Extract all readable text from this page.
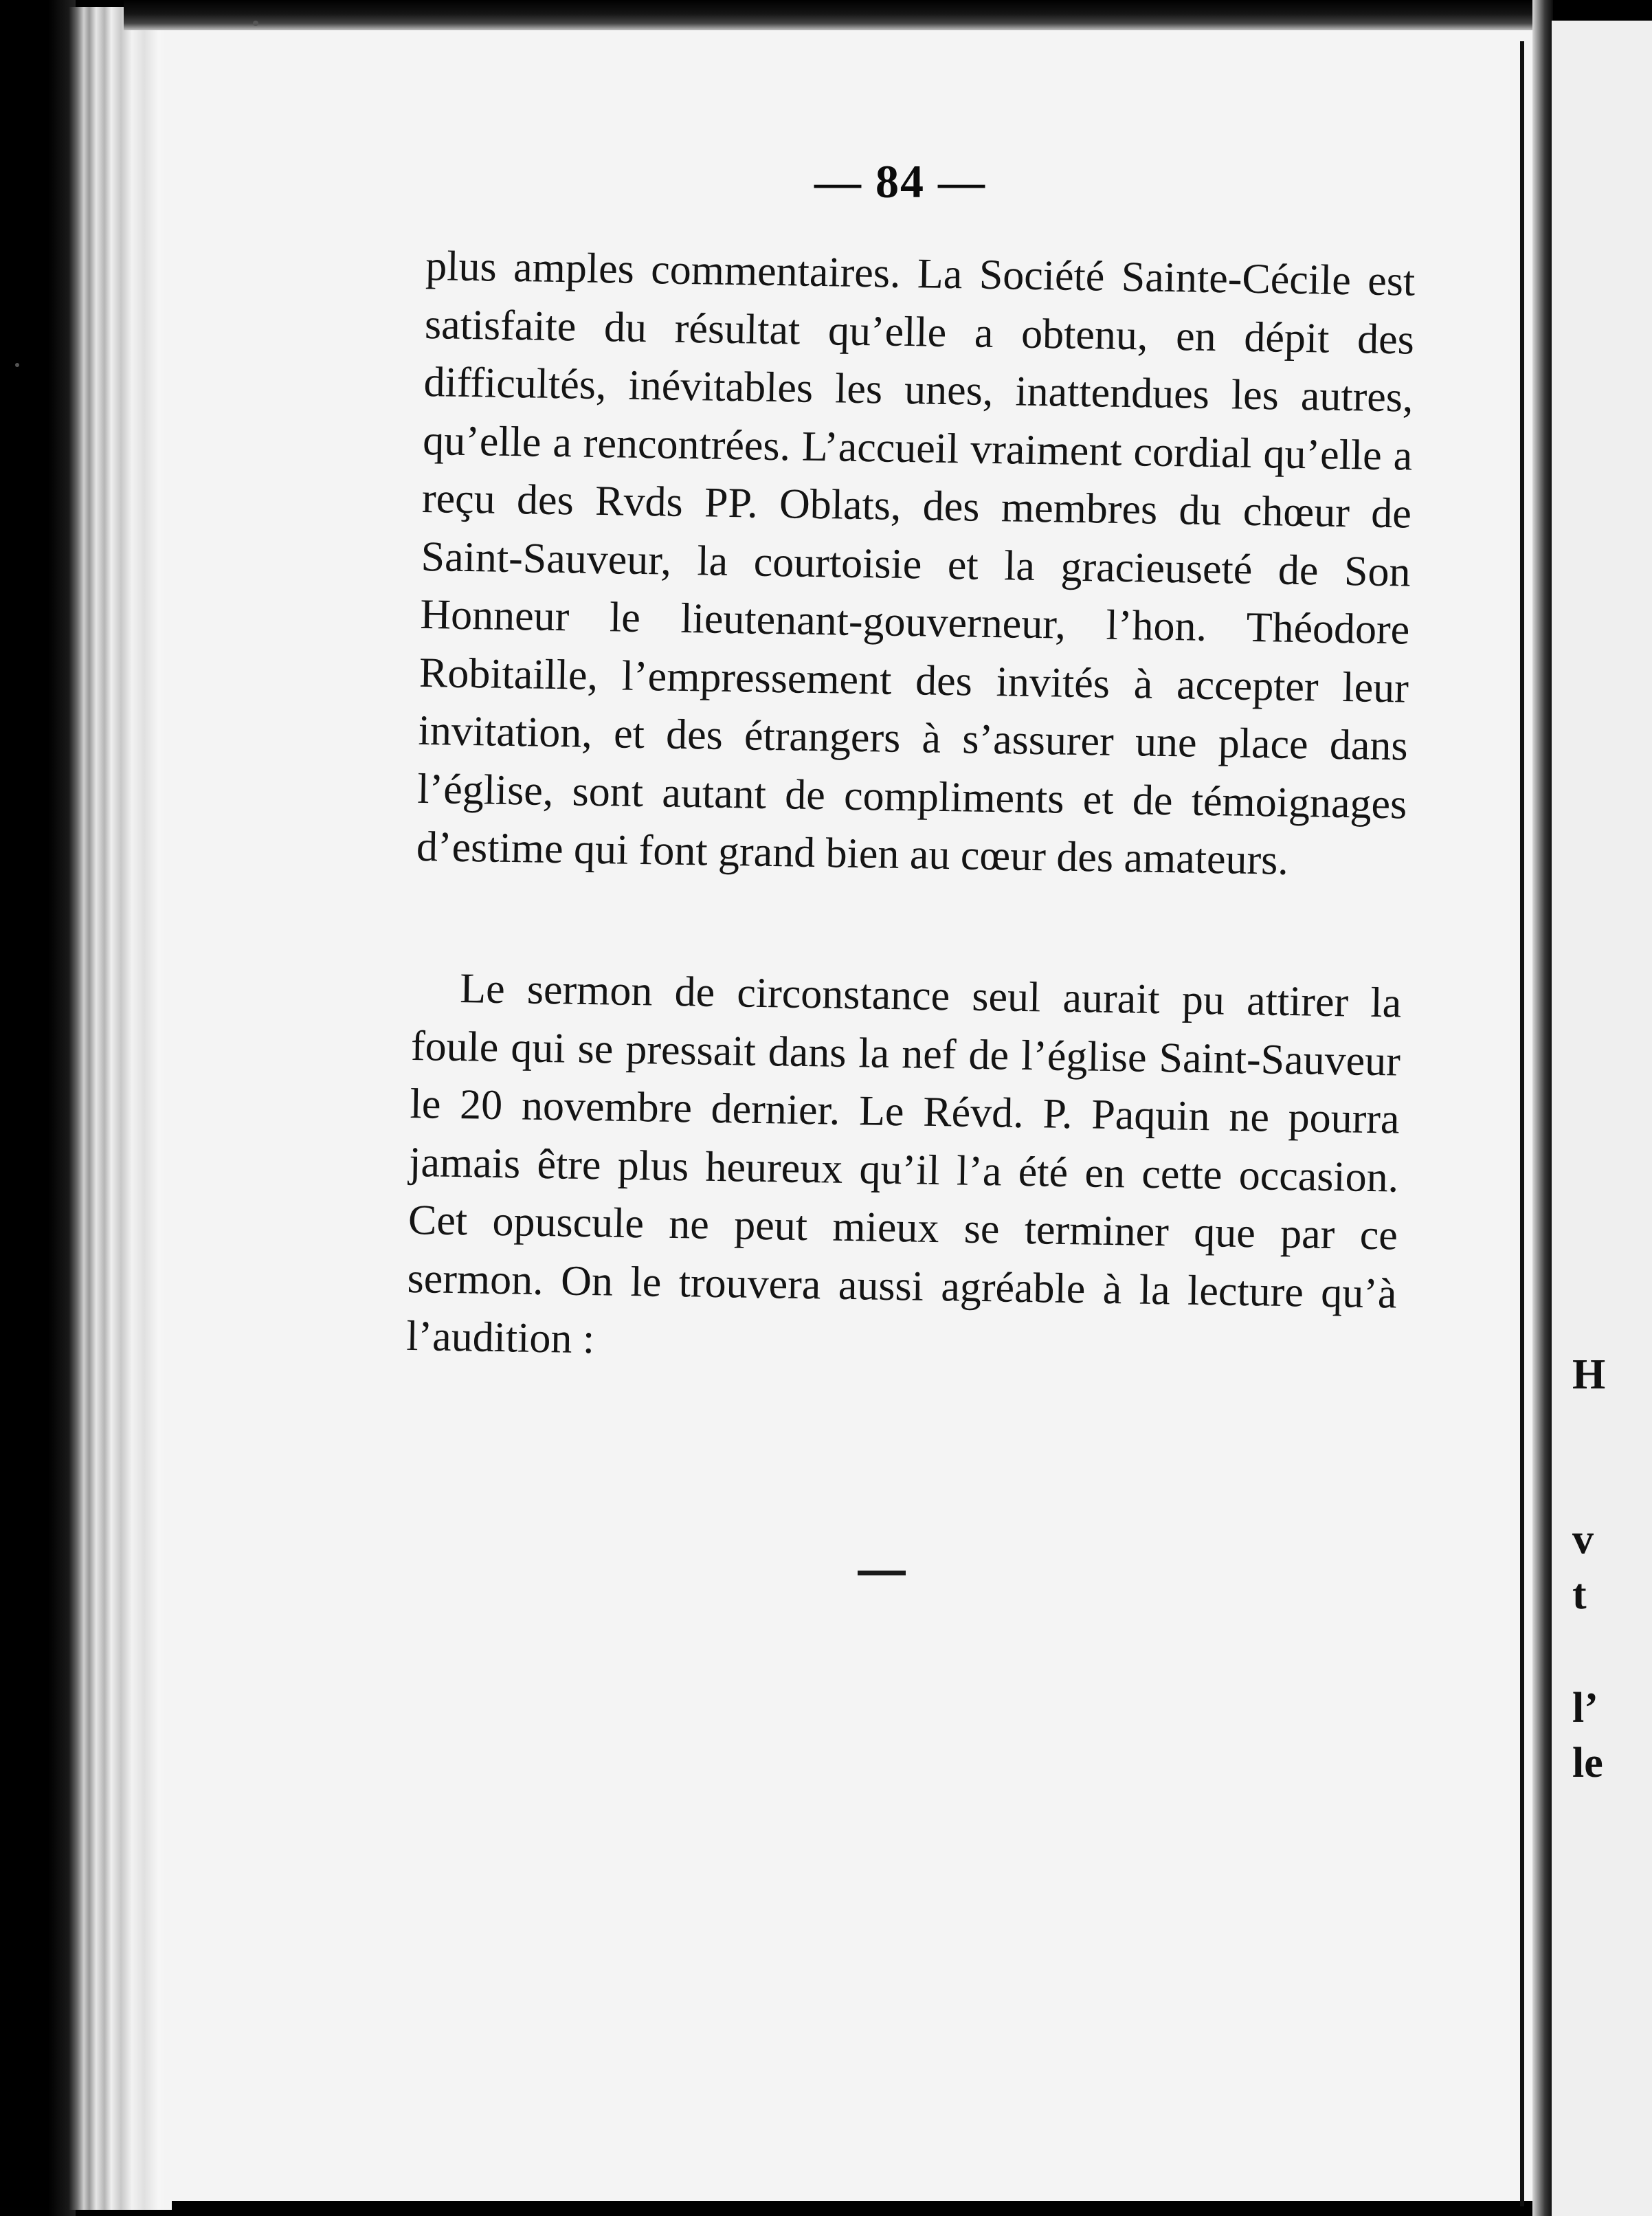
— 84 —
plus amples commentaires. La Société Sainte-Cécile est satisfaite du résultat qu’elle a obtenu, en dépit des difficultés, inévitables les unes, inattendues les autres, qu’elle a rencontrées. L’accueil vraiment cordial qu’elle a reçu des Rvds PP. Oblats, des membres du chœur de Saint-Sauveur, la courtoisie et la gracieuseté de Son Honneur le lieutenant-gouverneur, l’hon. Théodore Robitaille, l’empressement des invités à accepter leur invitation, et des étrangers à s’assurer une place dans l’église, sont autant de compliments et de témoignages d’estime qui font grand bien au cœur des amateurs.
Le sermon de circonstance seul aurait pu attirer la foule qui se pressait dans la nef de l’église Saint-Sauveur le 20 novembre dernier. Le Révd. P. Paquin ne pourra jamais être plus heureux qu’il l’a été en cette occasion. Cet opuscule ne peut mieux se terminer que par ce sermon. On le trouvera aussi agréable à la lecture qu’à l’audition :
H
v
t
l’
le
